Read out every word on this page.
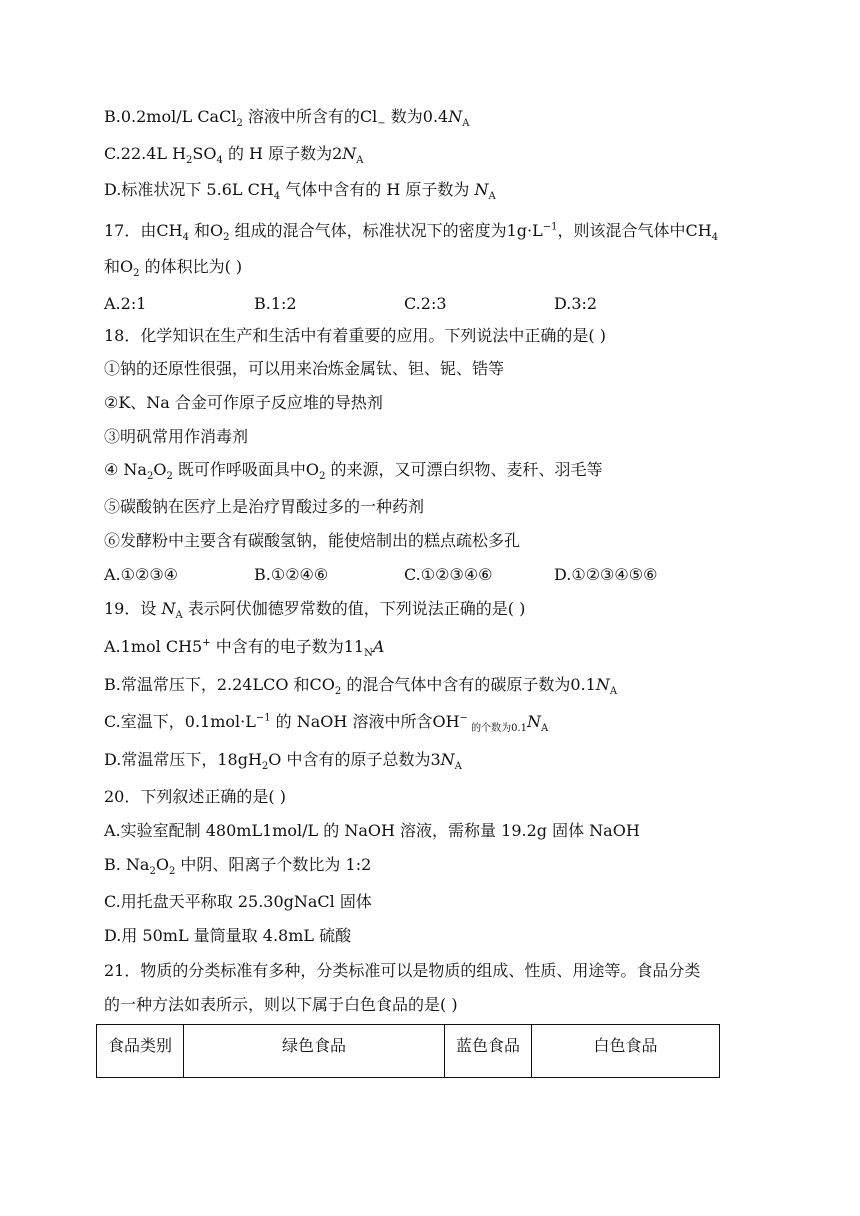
B.0.2mol/L CaCl$_2$ 溶液中所含有的$Cl_-$ 数为$0.4N_A$
C.22.4L $H_2SO_4$ 的 H 原子数为$2N_A$
D.标准状况下 5.6L $CH_4$ 气体中含有的 H 原子数为 $N_A$
17．由$CH_4$ 和$O_2$ 组成的混合气体，标准状况下的密度为$1g\cdot L^{-1}$，则该混合气体中$CH_4$
和$O_2$ 的体积比为( )
18．化学知识在生产和生活中有着重要的应用。下列说法中正确的是( )
①钠的还原性很强，可以用来冶炼金属钛、钽、铌、锆等
②K、Na 合金可作原子反应堆的导热剂
③明矾常用作消毒剂
④ $Na_2O_2$ 既可作呼吸面具中$O_2$ 的来源，又可漂白织物、麦秆、羽毛等
⑤碳酸钠在医疗上是治疗胃酸过多的一种药剂
⑥发酵粉中主要含有碳酸氢钠，能使焙制出的糕点疏松多孔
19．设 $N_A$ 表示阿伏伽德罗常数的值，下列说法正确的是( )
A.1mol CH5+ 中含有的电子数为$11_NA$
B.常温常压下，2.24LCO 和$CO_2$ 的混合气体中含有的碳原子数为$0.1N_A$
C.室温下，$0.1mol\cdot L^{-1}$ 的 NaOH 溶液中所含OH− $_{的个数为0.1}N_A$
D.常温常压下，$18gH_2O$ 中含有的原子总数为$3N_A$
20．下列叙述正确的是( )
A.实验室配制 480mL1mol/L 的 NaOH 溶液，需称量 19.2g 固体 NaOH
B. $Na_2O_2$ 中阴、阳离子个数比为 1:2
C.用托盘天平称取 25.30gNaCl 固体
D.用 50mL 量筒量取 4.8mL 硫酸
21．物质的分类标准有多种，分类标准可以是物质的组成、性质、用途等。食品分类
的一种方法如表所示，则以下属于白色食品的是( )
A.2:1	B.1:2	C.2:3	D.3:2
A.①②③④	B.①②④⑥	C.①②③④⑥	D.①②③④⑤⑥
食品类别	绿色食品	蓝色食品	白色食品
